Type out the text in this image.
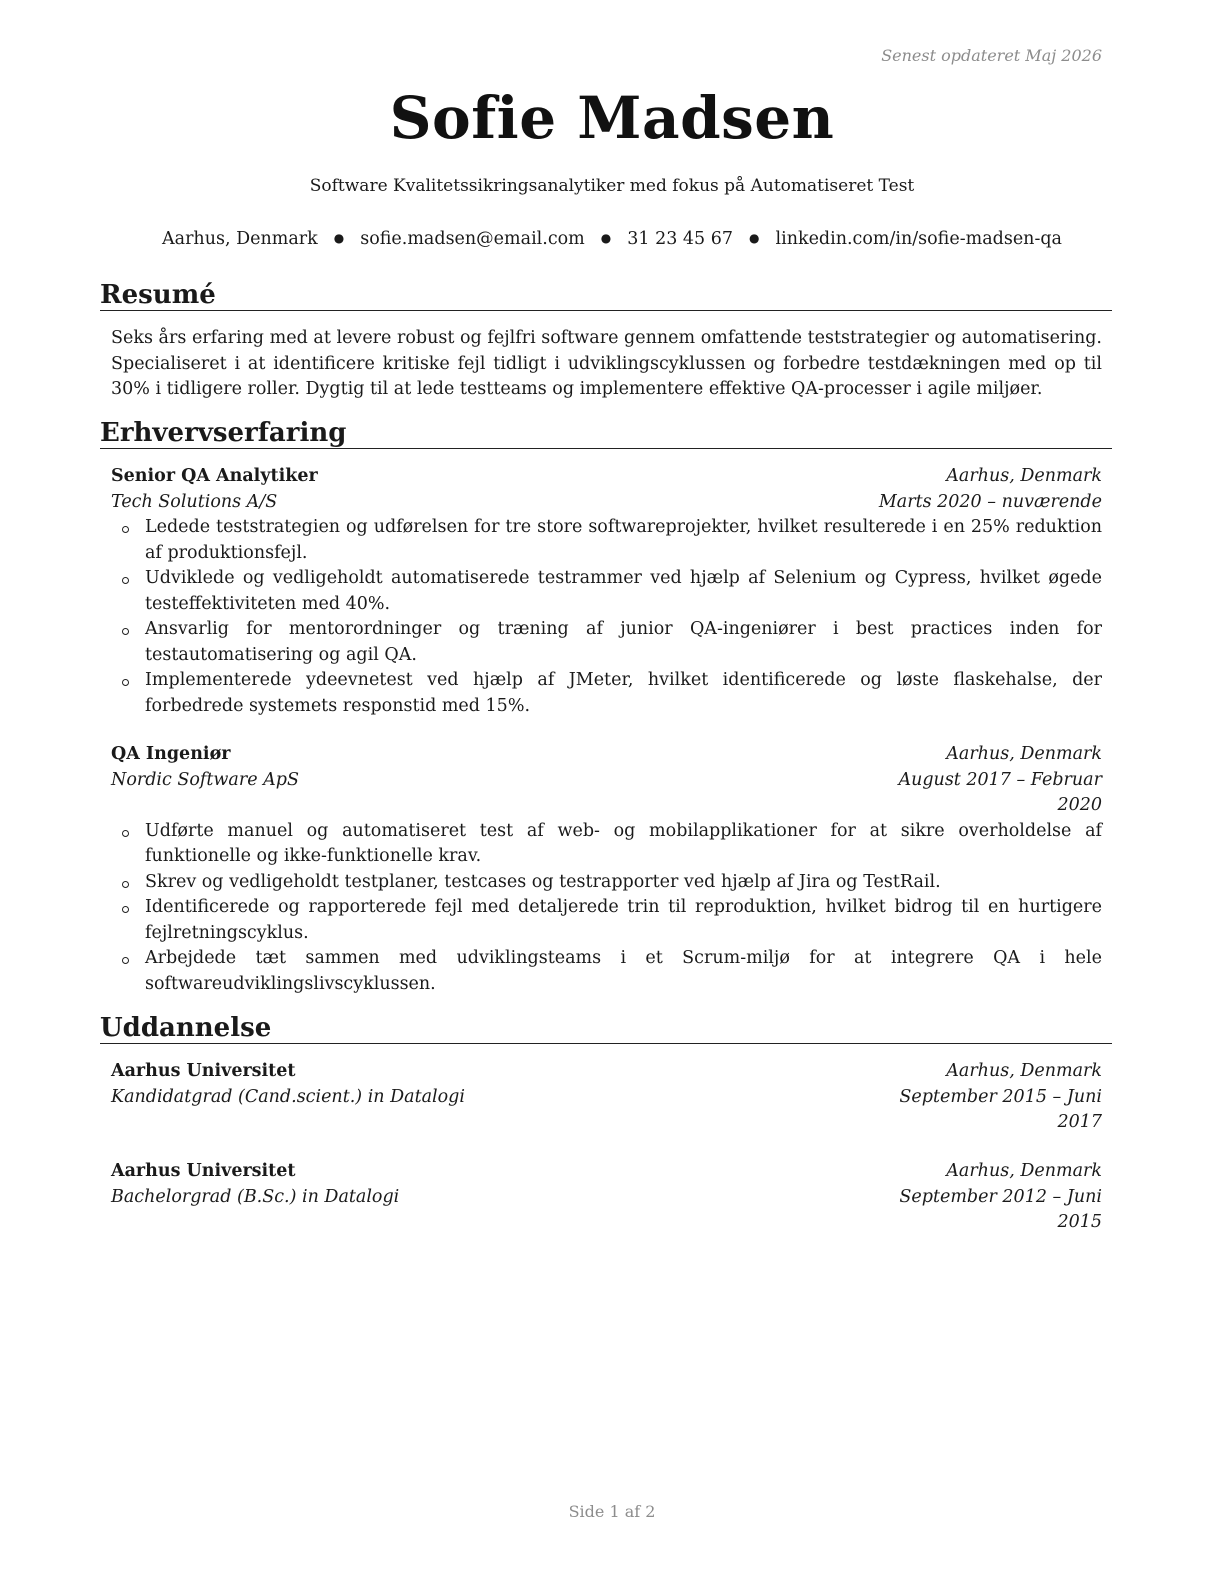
Senest opdateret Maj 2026
Sofie Madsen
Software Kvalitetssikringsanalytiker med fokus på Automatiseret Test
Aarhus, Denmark ● sofie.madsen@email.com ● 31 23 45 67 ● linkedin.com/in/sofie-madsen-qa
Resumé
Seks års erfaring med at levere robust og fejlfri software gennem omfattende teststrategier og automatisering. Specialiseret i at identificere kritiske fejl tidligt i udviklingscyklussen og forbedre testdækningen med op til 30% i tidligere roller. Dygtig til at lede testteams og implementere effektive QA-processer i agile miljøer.
Erhvervserfaring
Senior QA Analytiker	Aarhus, Denmark
Tech Solutions A/S	Marts 2020 – nuværende
Ledede teststrategien og udførelsen for tre store softwareprojekter, hvilket resulterede i en 25% reduktion af produktionsfejl.
Udviklede og vedligeholdt automatiserede testrammer ved hjælp af Selenium og Cypress, hvilket øgede testeffektiviteten med 40%.
Ansvarlig for mentorordninger og træning af junior QA-ingeniører i best practices inden for testautomatisering og agil QA.
Implementerede ydeevnetest ved hjælp af JMeter, hvilket identificerede og løste flaskehalse, der forbedrede systemets responstid med 15%.
QA Ingeniør	Aarhus, Denmark
Nordic Software ApS	August 2017 – Februar 2020
Udførte manuel og automatiseret test af web- og mobilapplikationer for at sikre overholdelse af funktionelle og ikke-funktionelle krav.
Skrev og vedligeholdt testplaner, testcases og testrapporter ved hjælp af Jira og TestRail.
Identificerede og rapporterede fejl med detaljerede trin til reproduktion, hvilket bidrog til en hurtigere fejlretningscyklus.
Arbejdede tæt sammen med udviklingsteams i et Scrum-miljø for at integrere QA i hele softwareudviklingslivscyklussen.
Uddannelse
Aarhus Universitet	Aarhus, Denmark
Kandidatgrad (Cand.scient.) in Datalogi	September 2015 – Juni 2017
Aarhus Universitet	Aarhus, Denmark
Bachelorgrad (B.Sc.) in Datalogi	September 2012 – Juni 2015
Side 1 af 2
